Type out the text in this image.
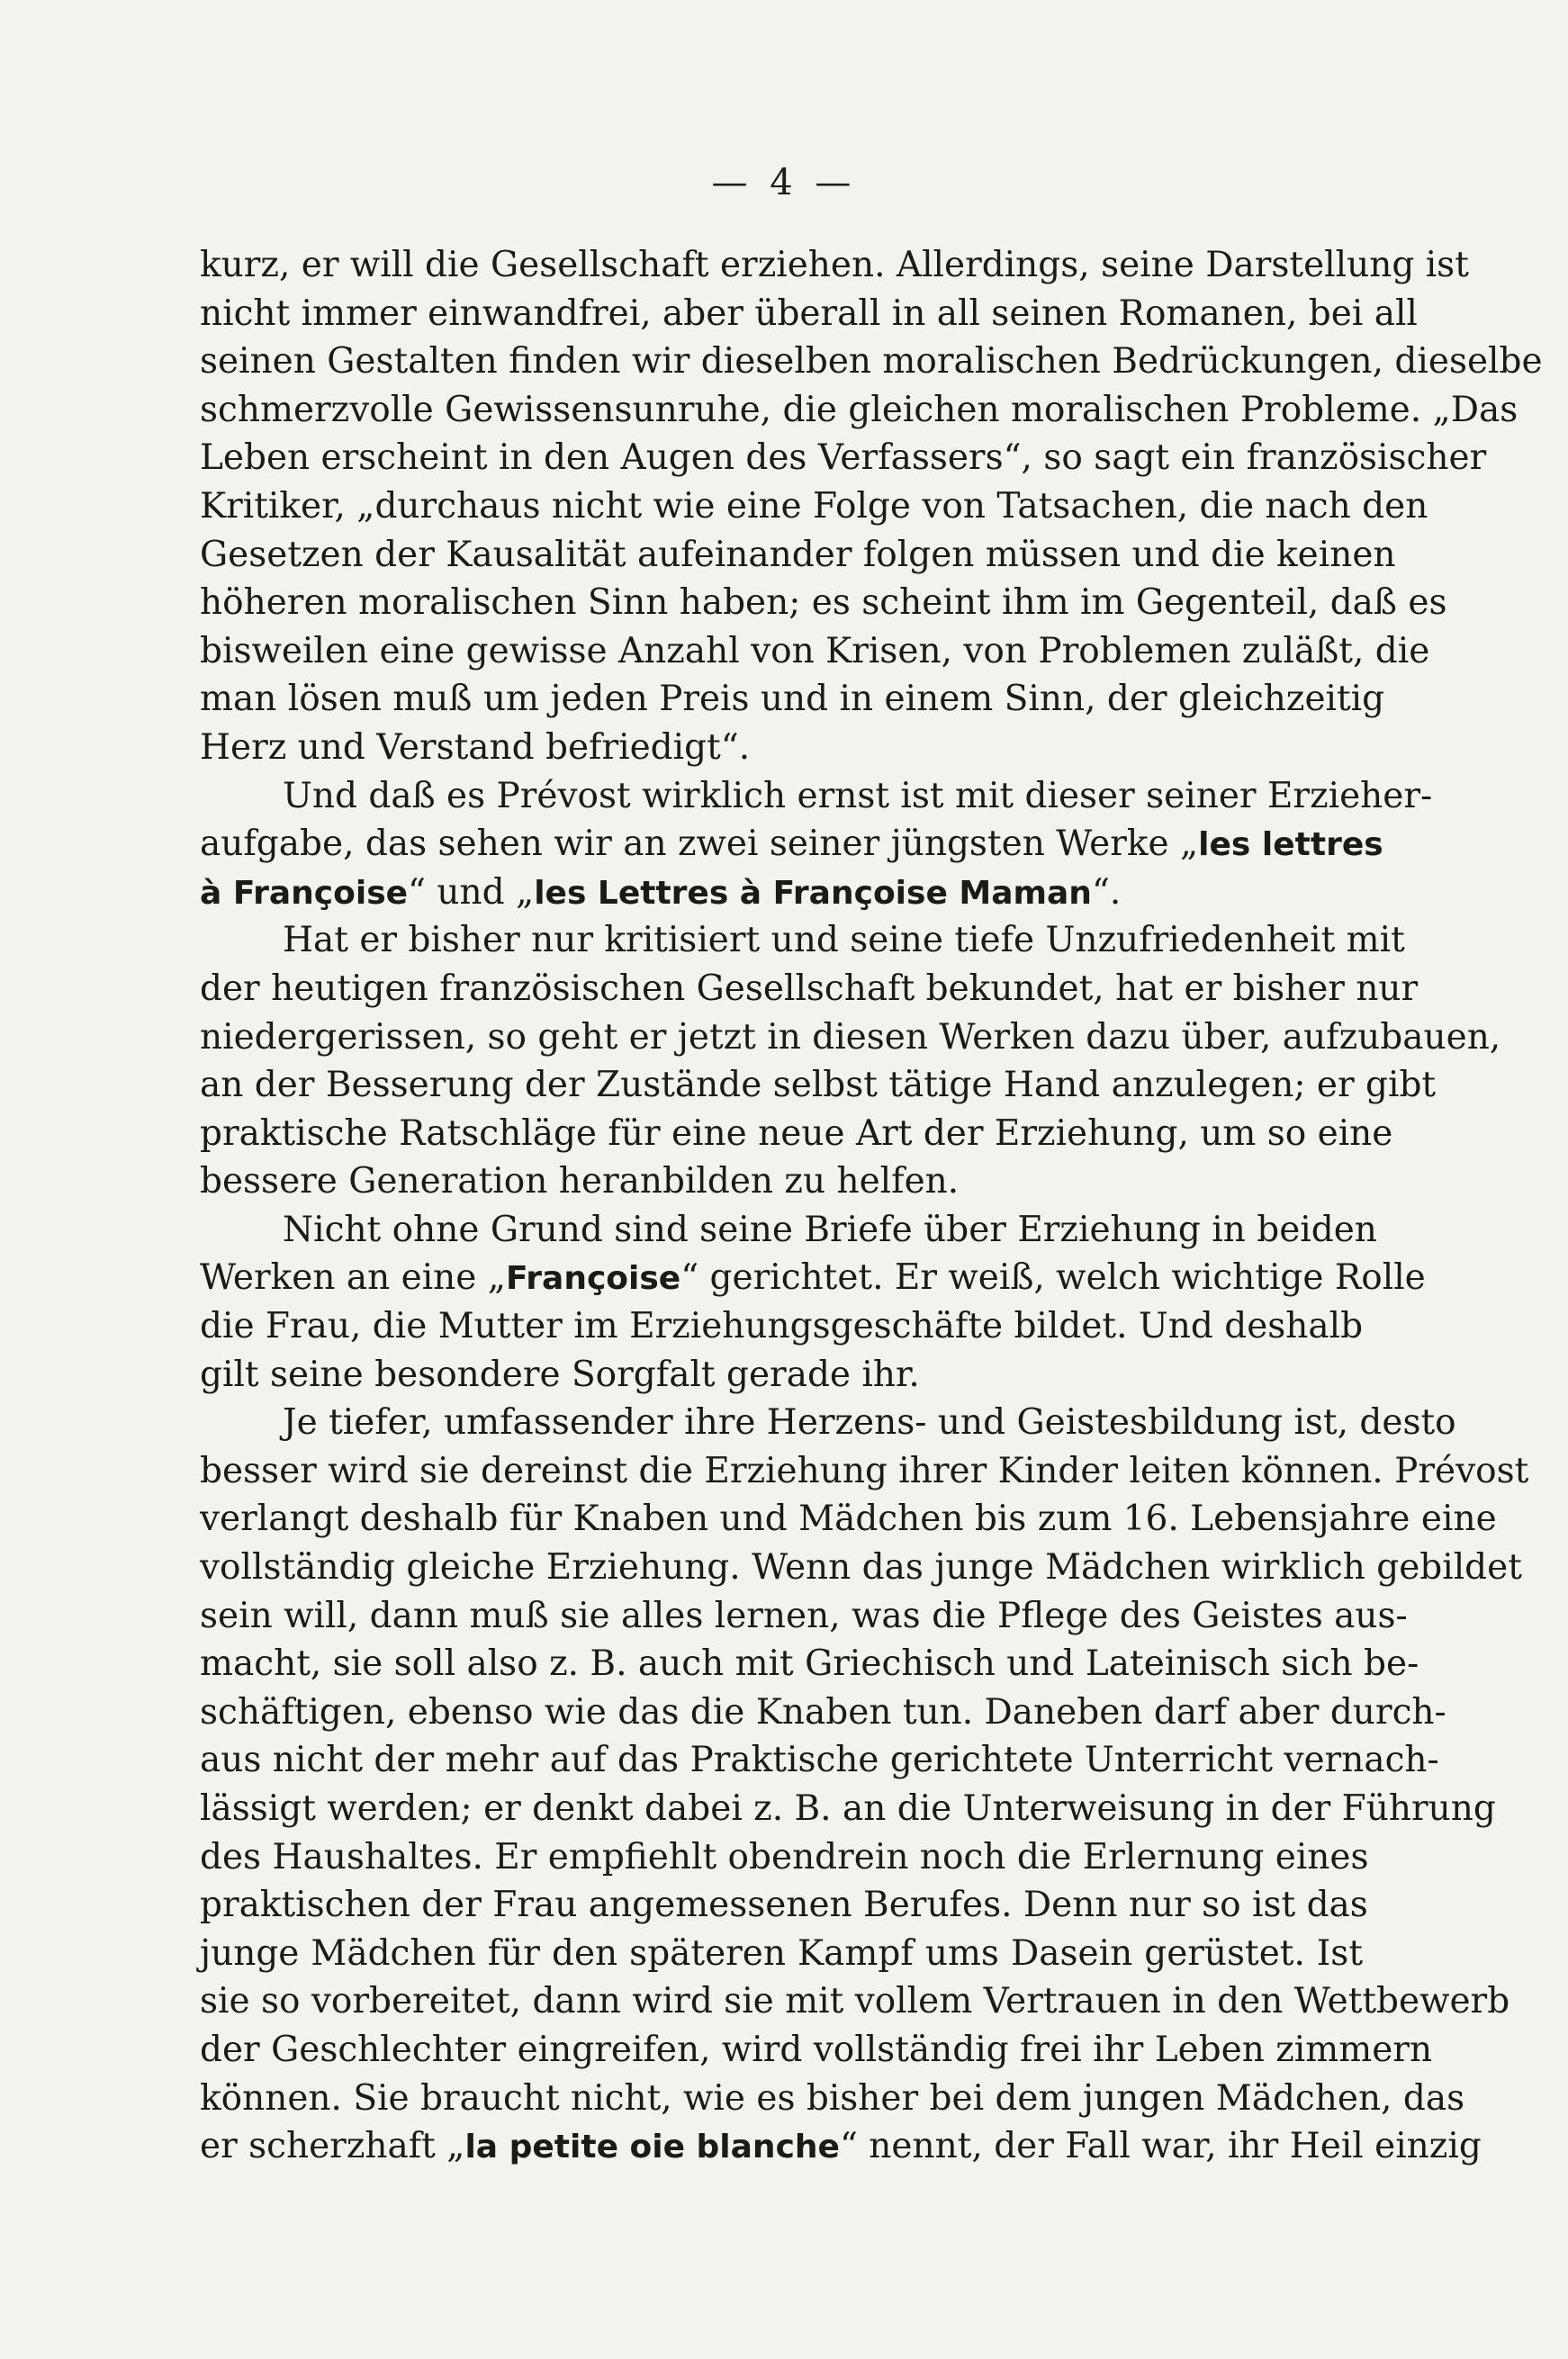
— 4 —
kurz, er will die Gesellschaft erziehen. Allerdings, seine Darstellung ist
nicht immer einwandfrei, aber überall in all seinen Romanen, bei all
seinen Gestalten finden wir dieselben moralischen Bedrückungen, dieselbe
schmerzvolle Gewissensunruhe, die gleichen moralischen Probleme. „Das
Leben erscheint in den Augen des Verfassers“, so sagt ein französischer
Kritiker, „durchaus nicht wie eine Folge von Tatsachen, die nach den
Gesetzen der Kausalität aufeinander folgen müssen und die keinen
höheren moralischen Sinn haben; es scheint ihm im Gegenteil, daß es
bisweilen eine gewisse Anzahl von Krisen, von Problemen zuläßt, die
man lösen muß um jeden Preis und in einem Sinn, der gleichzeitig
Herz und Verstand befriedigt“.
Und daß es Prévost wirklich ernst ist mit dieser seiner Erzieher-
aufgabe, das sehen wir an zwei seiner jüngsten Werke „les lettres
à Françoise“ und „les Lettres à Françoise Maman“.
Hat er bisher nur kritisiert und seine tiefe Unzufriedenheit mit
der heutigen französischen Gesellschaft bekundet, hat er bisher nur
niedergerissen, so geht er jetzt in diesen Werken dazu über, aufzubauen,
an der Besserung der Zustände selbst tätige Hand anzulegen; er gibt
praktische Ratschläge für eine neue Art der Erziehung, um so eine
bessere Generation heranbilden zu helfen.
Nicht ohne Grund sind seine Briefe über Erziehung in beiden
Werken an eine „Françoise“ gerichtet. Er weiß, welch wichtige Rolle
die Frau, die Mutter im Erziehungsgeschäfte bildet. Und deshalb
gilt seine besondere Sorgfalt gerade ihr.
Je tiefer, umfassender ihre Herzens- und Geistesbildung ist, desto
besser wird sie dereinst die Erziehung ihrer Kinder leiten können. Prévost
verlangt deshalb für Knaben und Mädchen bis zum 16. Lebensjahre eine
vollständig gleiche Erziehung. Wenn das junge Mädchen wirklich gebildet
sein will, dann muß sie alles lernen, was die Pflege des Geistes aus-
macht, sie soll also z. B. auch mit Griechisch und Lateinisch sich be-
schäftigen, ebenso wie das die Knaben tun. Daneben darf aber durch-
aus nicht der mehr auf das Praktische gerichtete Unterricht vernach-
lässigt werden; er denkt dabei z. B. an die Unterweisung in der Führung
des Haushaltes. Er empfiehlt obendrein noch die Erlernung eines
praktischen der Frau angemessenen Berufes. Denn nur so ist das
junge Mädchen für den späteren Kampf ums Dasein gerüstet. Ist
sie so vorbereitet, dann wird sie mit vollem Vertrauen in den Wettbewerb
der Geschlechter eingreifen, wird vollständig frei ihr Leben zimmern
können. Sie braucht nicht, wie es bisher bei dem jungen Mädchen, das
er scherzhaft „la petite oie blanche“ nennt, der Fall war, ihr Heil einzig
